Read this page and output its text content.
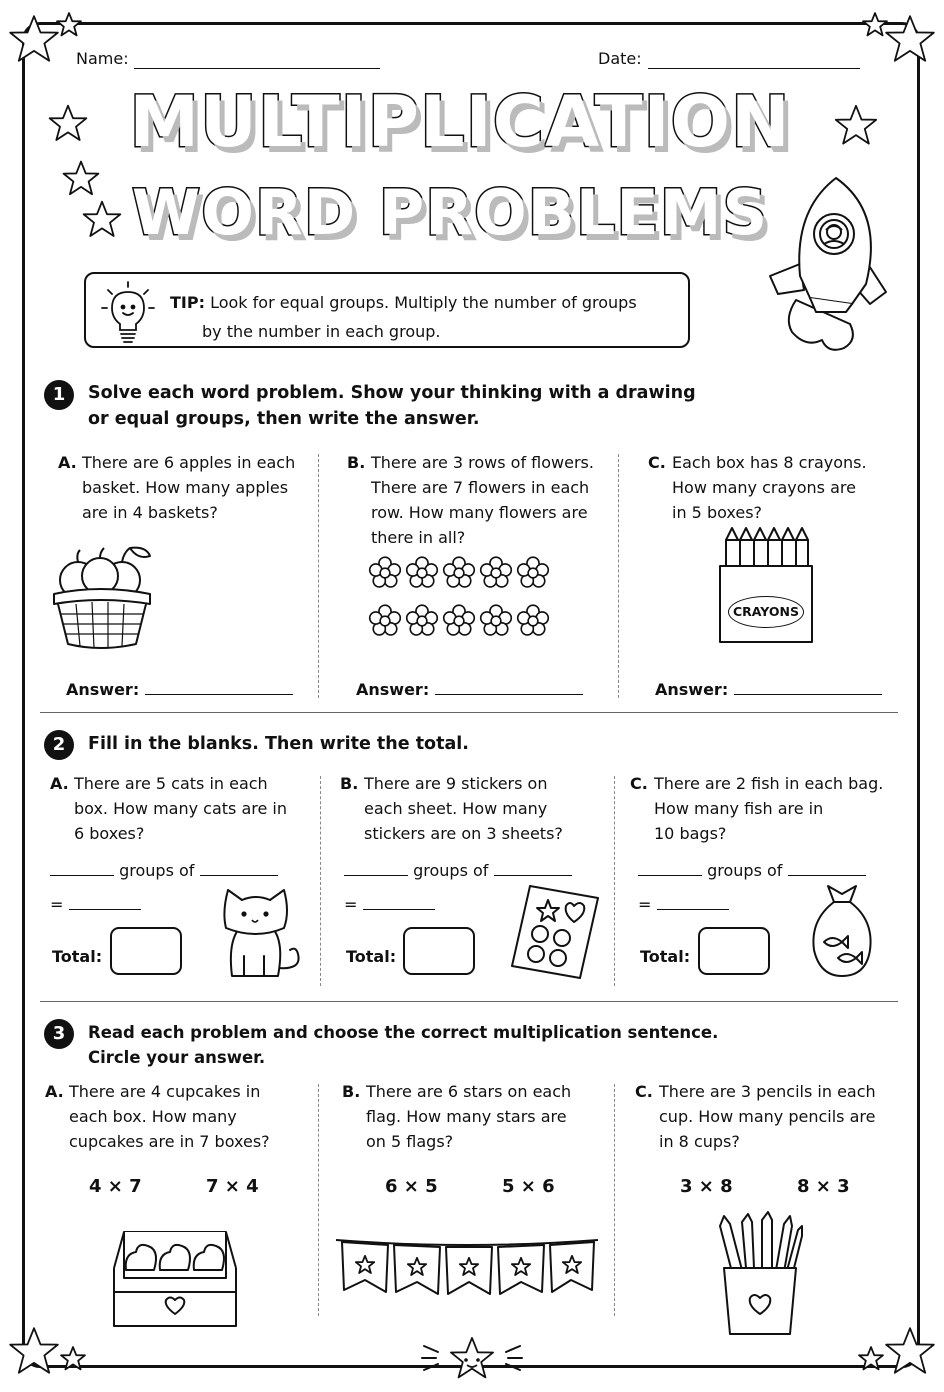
Name:	Date:
MULTIPLICATION
WORD PROBLEMS
TIP: Look for equal groups. Multiply the number of groups
by the number in each group.
1	Solve each word problem. Show your thinking with a drawing
or equal groups, then write the answer.
A. There are 6 apples in each
basket. How many apples
are in 4 baskets?
B. There are 3 rows of flowers.
There are 7 flowers in each
row. How many flowers are
there in all?
C. Each box has 8 crayons.
How many crayons are
in 5 boxes?
CRAYONS
Answer:	Answer:	Answer:
2	Fill in the blanks. Then write the total.
A. There are 5 cats in each
box. How many cats are in
6 boxes?
B. There are 9 stickers on
each sheet. How many
stickers are on 3 sheets?
C. There are 2 fish in each bag.
How many fish are in
10 bags?
groups of
=
Total:
groups of
=
Total:
groups of
=
Total:
3	Read each problem and choose the correct multiplication sentence.
Circle your answer.
A. There are 4 cupcakes in
each box. How many
cupcakes are in 7 boxes?
B. There are 6 stars on each
flag. How many stars are
on 5 flags?
C. There are 3 pencils in each
cup. How many pencils are
in 8 cups?
4 × 7	7 × 4	6 × 5	5 × 6	3 × 8	8 × 3
